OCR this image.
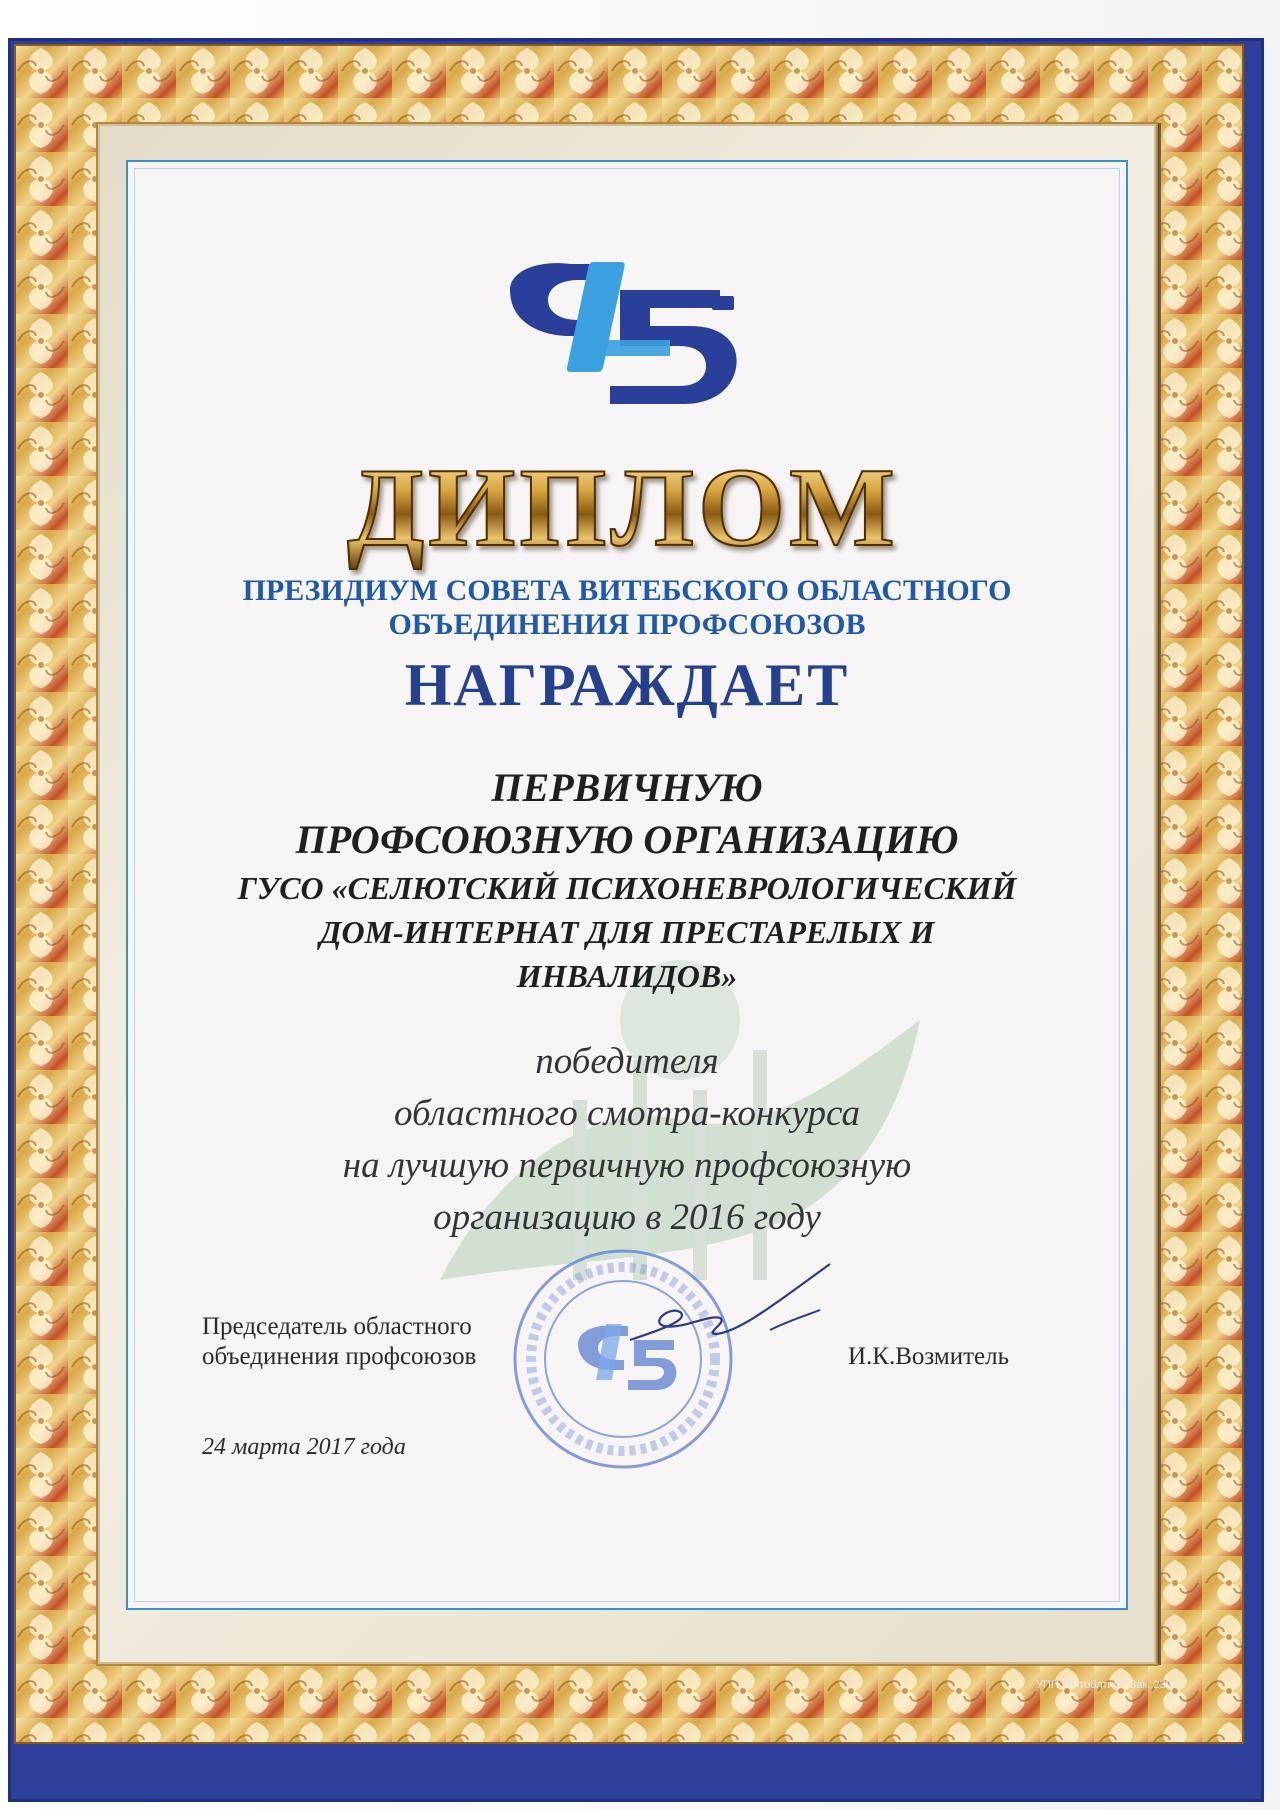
ДИПЛОМ
ПРЕЗИДИУМ СОВЕТА ВИТЕБСКОГО ОБЛАСТНОГО
ОБЪЕДИНЕНИЯ ПРОФСОЮЗОВ
НАГРАЖДАЕТ
ПЕРВИЧНУЮ
ПРОФСОЮЗНУЮ ОРГАНИЗАЦИЮ
ГУСО «СЕЛЮТСКИЙ ПСИХОНЕВРОЛОГИЧЕСКИЙ
ДОМ-ИНТЕРНАТ ДЛЯ ПРЕСТАРЕЛЫХ И
ИНВАЛИДОВ»
победителя
областного смотра-конкурса
на лучшую первичную профсоюзную
организацию в 2016 году
Председатель областного
объединения профсоюзов	И.К.Возмитель
24 марта 2017 года
УПП "Витоблтип", Зак. 2390
